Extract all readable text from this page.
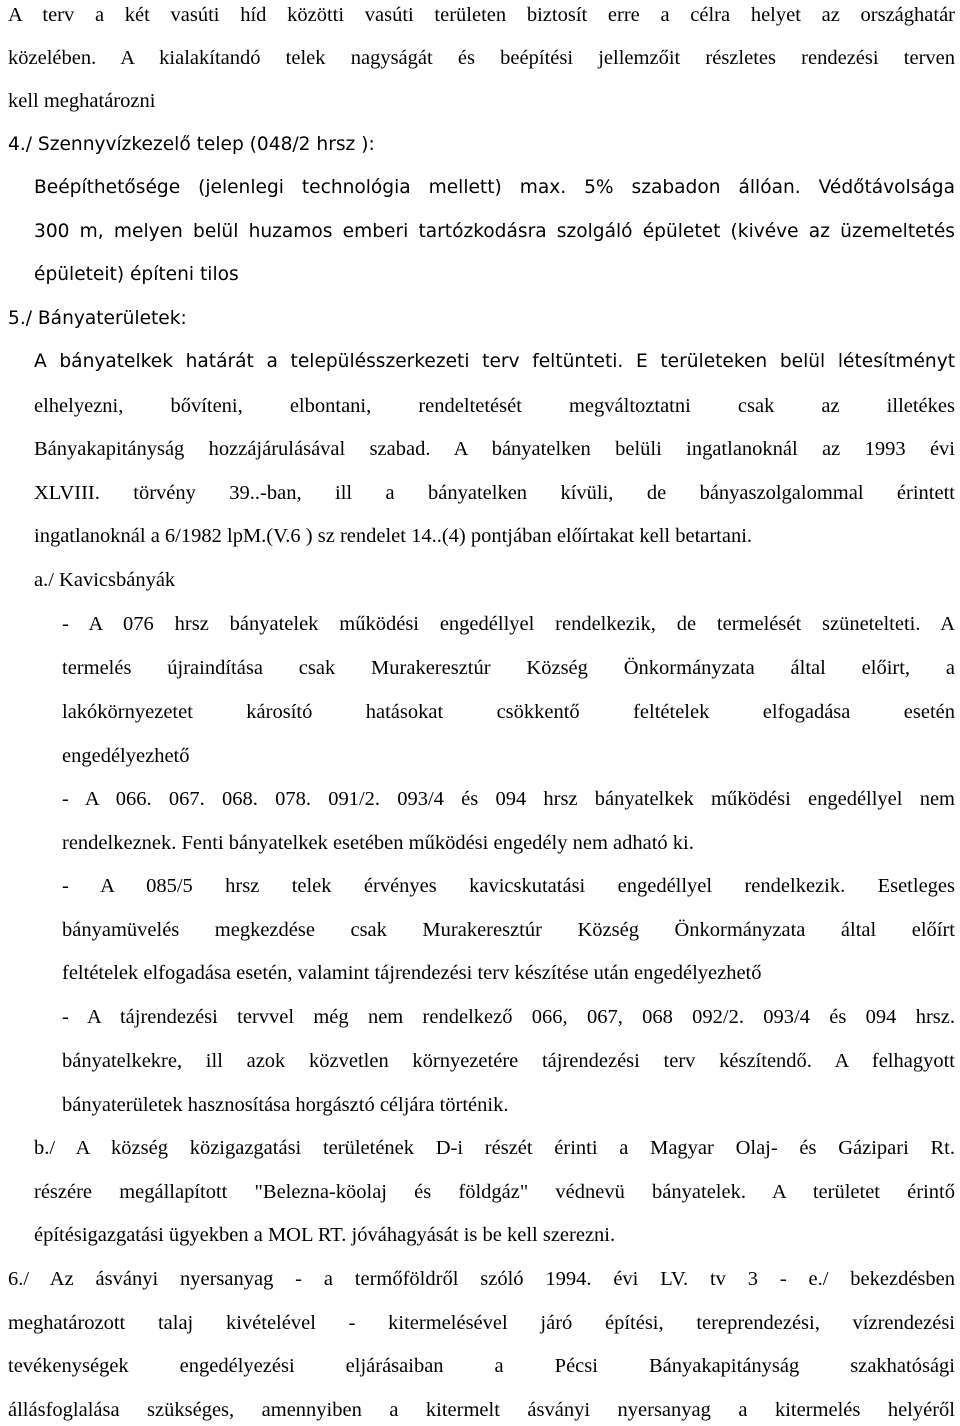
A terv a két vasúti híd közötti vasúti területen biztosít erre a célra helyet az országhatár
közelében. A kialakítandó telek nagyságát és beépítési jellemzőit részletes rendezési terven
kell meghatározni
4./ Szennyvízkezelő telep (048/2 hrsz ):
Beépíthetősége (jelenlegi technológia mellett) max. 5% szabadon állóan. Védőtávolsága
300 m, melyen belül huzamos emberi tartózkodásra szolgáló épületet (kivéve az üzemeltetés
épületeit) építeni tilos
5./ Bányaterületek:
A bányatelkek határát a településszerkezeti terv feltünteti. E területeken belül létesítményt
elhelyezni, bővíteni, elbontani, rendeltetését megváltoztatni csak az illetékes
Bányakapitányság hozzájárulásával szabad. A bányatelken belüli ingatlanoknál az 1993 évi
XLVIII. törvény 39..-ban, ill a bányatelken kívüli, de bányaszolgalommal érintett
ingatlanoknál a 6/1982 lpM.(V.6 ) sz rendelet 14..(4) pontjában előírtakat kell betartani.
a./ Kavicsbányák
- A 076 hrsz bányatelek működési engedéllyel rendelkezik, de termelését szünetelteti. A
termelés újraindítása csak Murakeresztúr Község Önkormányzata által előirt, a
lakókörnyezetet károsító hatásokat csökkentő feltételek elfogadása esetén
engedélyezhető
- A 066. 067. 068. 078. 091/2. 093/4 és 094 hrsz bányatelkek működési engedéllyel nem
rendelkeznek. Fenti bányatelkek esetében működési engedély nem adható ki.
- A 085/5 hrsz telek érvényes kavicskutatási engedéllyel rendelkezik. Esetleges
bányamüvelés megkezdése csak Murakeresztúr Község Önkormányzata által előírt
feltételek elfogadása esetén, valamint tájrendezési terv készítése után engedélyezhető
- A tájrendezési tervvel még nem rendelkező 066, 067, 068 092/2. 093/4 és 094 hrsz.
bányatelkekre, ill azok közvetlen környezetére tájrendezési terv készítendő. A felhagyott
bányaterületek hasznosítása horgásztó céljára történik.
b./ A község közigazgatási területének D-i részét érinti a Magyar Olaj- és Gázipari Rt.
részére megállapított "Belezna-köolaj és földgáz" védnevü bányatelek. A területet érintő
építésigazgatási ügyekben a MOL RT. jóváhagyását is be kell szerezni.
6./ Az ásványi nyersanyag - a termőföldről szóló 1994. évi LV. tv 3 - e./ bekezdésben
meghatározott talaj kivételével - kitermelésével járó építési, tereprendezési, vízrendezési
tevékenységek engedélyezési eljárásaiban a Pécsi Bányakapitányság szakhatósági
állásfoglalása szükséges, amennyiben a kitermelt ásványi nyersanyag a kitermelés helyéről
